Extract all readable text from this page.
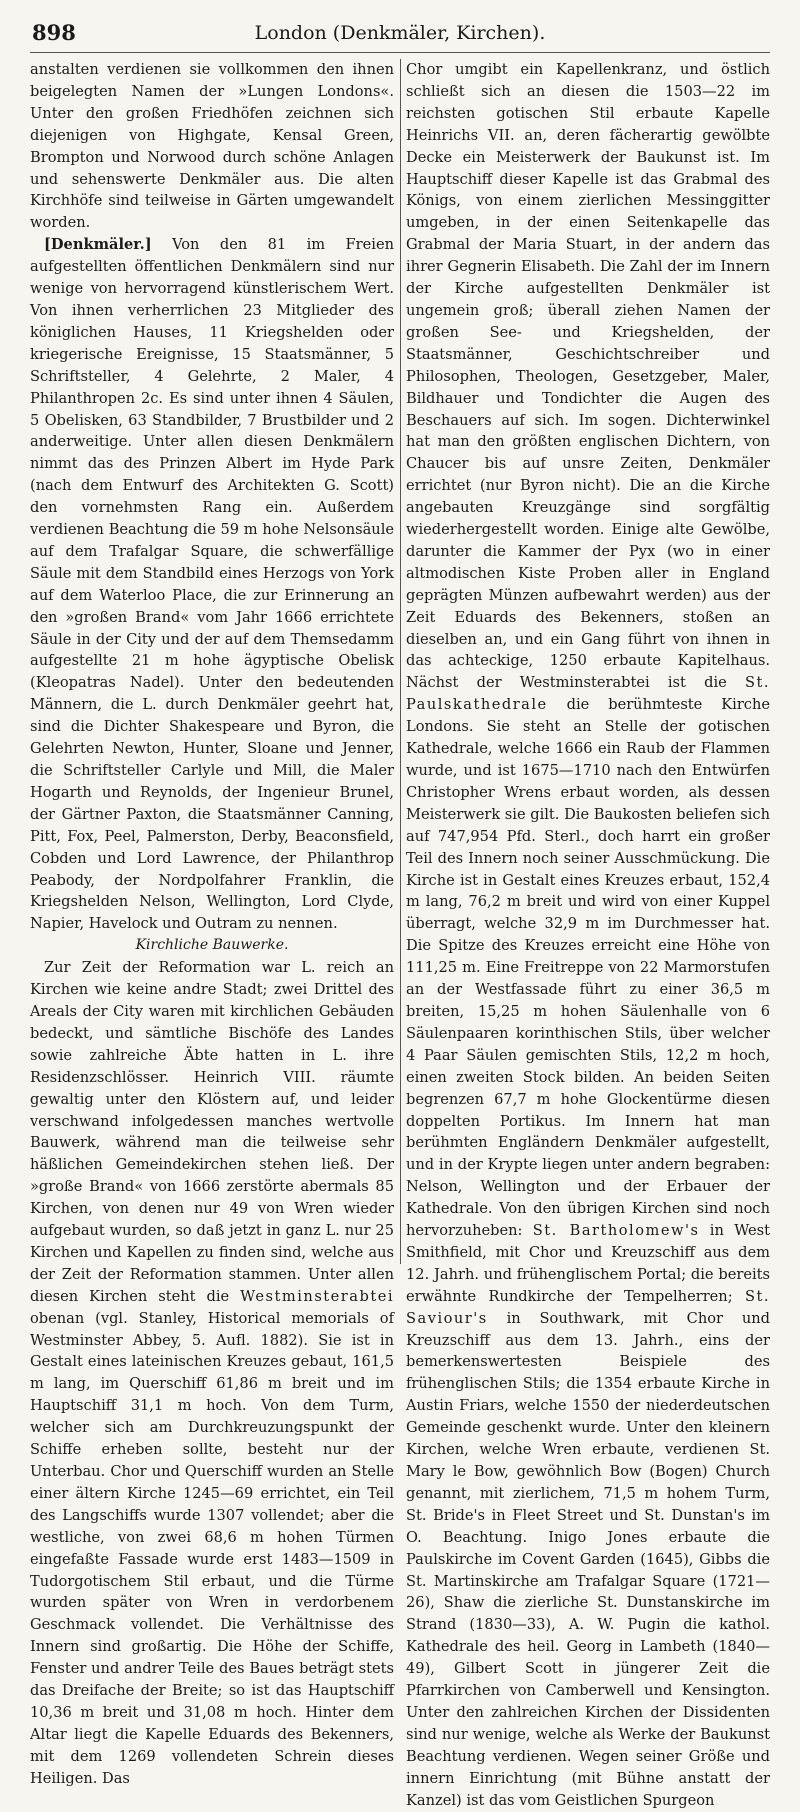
898	London (Denkmäler, Kirchen).

anstalten verdienen sie vollkommen den ihnen beigelegten Namen der »Lungen Londons«. Unter den großen Friedhöfen zeichnen sich diejenigen von Highgate, Kensal Green, Brompton und Norwood durch schöne Anlagen und sehenswerte Denkmäler aus. Die alten Kirchhöfe sind teilweise in Gärten umgewandelt worden.

[Denkmäler.] Von den 81 im Freien aufgestellten öffentlichen Denkmälern sind nur wenige von hervorragend künstlerischem Wert. Von ihnen verherrlichen 23 Mitglieder des königlichen Hauses, 11 Kriegshelden oder kriegerische Ereignisse, 15 Staatsmänner, 5 Schriftsteller, 4 Gelehrte, 2 Maler, 4 Philanthropen 2c. Es sind unter ihnen 4 Säulen, 5 Obelisken, 63 Standbilder, 7 Brustbilder und 2 anderweitige. Unter allen diesen Denkmälern nimmt das des Prinzen Albert im Hyde Park (nach dem Entwurf des Architekten G. Scott) den vornehmsten Rang ein. Außerdem verdienen Beachtung die 59 m hohe Nelsonsäule auf dem Trafalgar Square, die schwerfällige Säule mit dem Standbild eines Herzogs von York auf dem Waterloo Place, die zur Erinnerung an den »großen Brand« vom Jahr 1666 errichtete Säule in der City und der auf dem Themsedamm aufgestellte 21 m hohe ägyptische Obelisk (Kleopatras Nadel). Unter den bedeutenden Männern, die L. durch Denkmäler geehrt hat, sind die Dichter Shakespeare und Byron, die Gelehrten Newton, Hunter, Sloane und Jenner, die Schriftsteller Carlyle und Mill, die Maler Hogarth und Reynolds, der Ingenieur Brunel, der Gärtner Paxton, die Staatsmänner Canning, Pitt, Fox, Peel, Palmerston, Derby, Beaconsfield, Cobden und Lord Lawrence, der Philanthrop Peabody, der Nordpolfahrer Franklin, die Kriegshelden Nelson, Wellington, Lord Clyde, Napier, Havelock und Outram zu nennen.

Kirchliche Bauwerke.

Zur Zeit der Reformation war L. reich an Kirchen wie keine andre Stadt; zwei Drittel des Areals der City waren mit kirchlichen Gebäuden bedeckt, und sämtliche Bischöfe des Landes sowie zahlreiche Äbte hatten in L. ihre Residenzschlösser. Heinrich VIII. räumte gewaltig unter den Klöstern auf, und leider verschwand infolgedessen manches wertvolle Bauwerk, während man die teilweise sehr häßlichen Gemeindekirchen stehen ließ. Der »große Brand« von 1666 zerstörte abermals 85 Kirchen, von denen nur 49 von Wren wieder aufgebaut wurden, so daß jetzt in ganz L. nur 25 Kirchen und Kapellen zu finden sind, welche aus der Zeit der Reformation stammen. Unter allen diesen Kirchen steht die Westminsterabtei obenan (vgl. Stanley, Historical memorials of Westminster Abbey, 5. Aufl. 1882). Sie ist in Gestalt eines lateinischen Kreuzes gebaut, 161,5 m lang, im Querschiff 61,86 m breit und im Hauptschiff 31,1 m hoch. Von dem Turm, welcher sich am Durchkreuzungspunkt der Schiffe erheben sollte, besteht nur der Unterbau. Chor und Querschiff wurden an Stelle einer ältern Kirche 1245—69 errichtet, ein Teil des Langschiffs wurde 1307 vollendet; aber die westliche, von zwei 68,6 m hohen Türmen eingefaßte Fassade wurde erst 1483—1509 in Tudorgotischem Stil erbaut, und die Türme wurden später von Wren in verdorbenem Geschmack vollendet. Die Verhältnisse des Innern sind großartig. Die Höhe der Schiffe, Fenster und andrer Teile des Baues beträgt stets das Dreifache der Breite; so ist das Hauptschiff 10,36 m breit und 31,08 m hoch. Hinter dem Altar liegt die Kapelle Eduards des Bekenners, mit dem 1269 vollendeten Schrein dieses Heiligen. Das

Chor umgibt ein Kapellenkranz, und östlich schließt sich an diesen die 1503—22 im reichsten gotischen Stil erbaute Kapelle Heinrichs VII. an, deren fächerartig gewölbte Decke ein Meisterwerk der Baukunst ist. Im Hauptschiff dieser Kapelle ist das Grabmal des Königs, von einem zierlichen Messinggitter umgeben, in der einen Seitenkapelle das Grabmal der Maria Stuart, in der andern das ihrer Gegnerin Elisabeth. Die Zahl der im Innern der Kirche aufgestellten Denkmäler ist ungemein groß; überall ziehen Namen der großen See- und Kriegshelden, der Staatsmänner, Geschichtschreiber und Philosophen, Theologen, Gesetzgeber, Maler, Bildhauer und Tondichter die Augen des Beschauers auf sich. Im sogen. Dichterwinkel hat man den größten englischen Dichtern, von Chaucer bis auf unsre Zeiten, Denkmäler errichtet (nur Byron nicht). Die an die Kirche angebauten Kreuzgänge sind sorgfältig wiederhergestellt worden. Einige alte Gewölbe, darunter die Kammer der Pyx (wo in einer altmodischen Kiste Proben aller in England geprägten Münzen aufbewahrt werden) aus der Zeit Eduards des Bekenners, stoßen an dieselben an, und ein Gang führt von ihnen in das achteckige, 1250 erbaute Kapitelhaus. Nächst der Westminsterabtei ist die St. Paulskathedrale die berühmteste Kirche Londons. Sie steht an Stelle der gotischen Kathedrale, welche 1666 ein Raub der Flammen wurde, und ist 1675—1710 nach den Entwürfen Christopher Wrens erbaut worden, als dessen Meisterwerk sie gilt. Die Baukosten beliefen sich auf 747,954 Pfd. Sterl., doch harrt ein großer Teil des Innern noch seiner Ausschmückung. Die Kirche ist in Gestalt eines Kreuzes erbaut, 152,4 m lang, 76,2 m breit und wird von einer Kuppel überragt, welche 32,9 m im Durchmesser hat. Die Spitze des Kreuzes erreicht eine Höhe von 111,25 m. Eine Freitreppe von 22 Marmorstufen an der Westfassade führt zu einer 36,5 m breiten, 15,25 m hohen Säulenhalle von 6 Säulenpaaren korinthischen Stils, über welcher 4 Paar Säulen gemischten Stils, 12,2 m hoch, einen zweiten Stock bilden. An beiden Seiten begrenzen 67,7 m hohe Glockentürme diesen doppelten Portikus. Im Innern hat man berühmten Engländern Denkmäler aufgestellt, und in der Krypte liegen unter andern begraben: Nelson, Wellington und der Erbauer der Kathedrale. Von den übrigen Kirchen sind noch hervorzuheben: St. Bartholomew's in West Smithfield, mit Chor und Kreuzschiff aus dem 12. Jahrh. und frühenglischem Portal; die bereits erwähnte Rundkirche der Tempelherren; St. Saviour's in Southwark, mit Chor und Kreuzschiff aus dem 13. Jahrh., eins der bemerkenswertesten Beispiele des frühenglischen Stils; die 1354 erbaute Kirche in Austin Friars, welche 1550 der niederdeutschen Gemeinde geschenkt wurde. Unter den kleinern Kirchen, welche Wren erbaute, verdienen St. Mary le Bow, gewöhnlich Bow (Bogen) Church genannt, mit zierlichem, 71,5 m hohem Turm, St. Bride's in Fleet Street und St. Dunstan's im O. Beachtung. Inigo Jones erbaute die Paulskirche im Covent Garden (1645), Gibbs die St. Martinskirche am Trafalgar Square (1721—26), Shaw die zierliche St. Dunstanskirche im Strand (1830—33), A. W. Pugin die kathol. Kathedrale des heil. Georg in Lambeth (1840—49), Gilbert Scott in jüngerer Zeit die Pfarrkirchen von Camberwell und Kensington. Unter den zahlreichen Kirchen der Dissidenten sind nur wenige, welche als Werke der Baukunst Beachtung verdienen. Wegen seiner Größe und innern Einrichtung (mit Bühne anstatt der Kanzel) ist das vom Geistlichen Spurgeon
